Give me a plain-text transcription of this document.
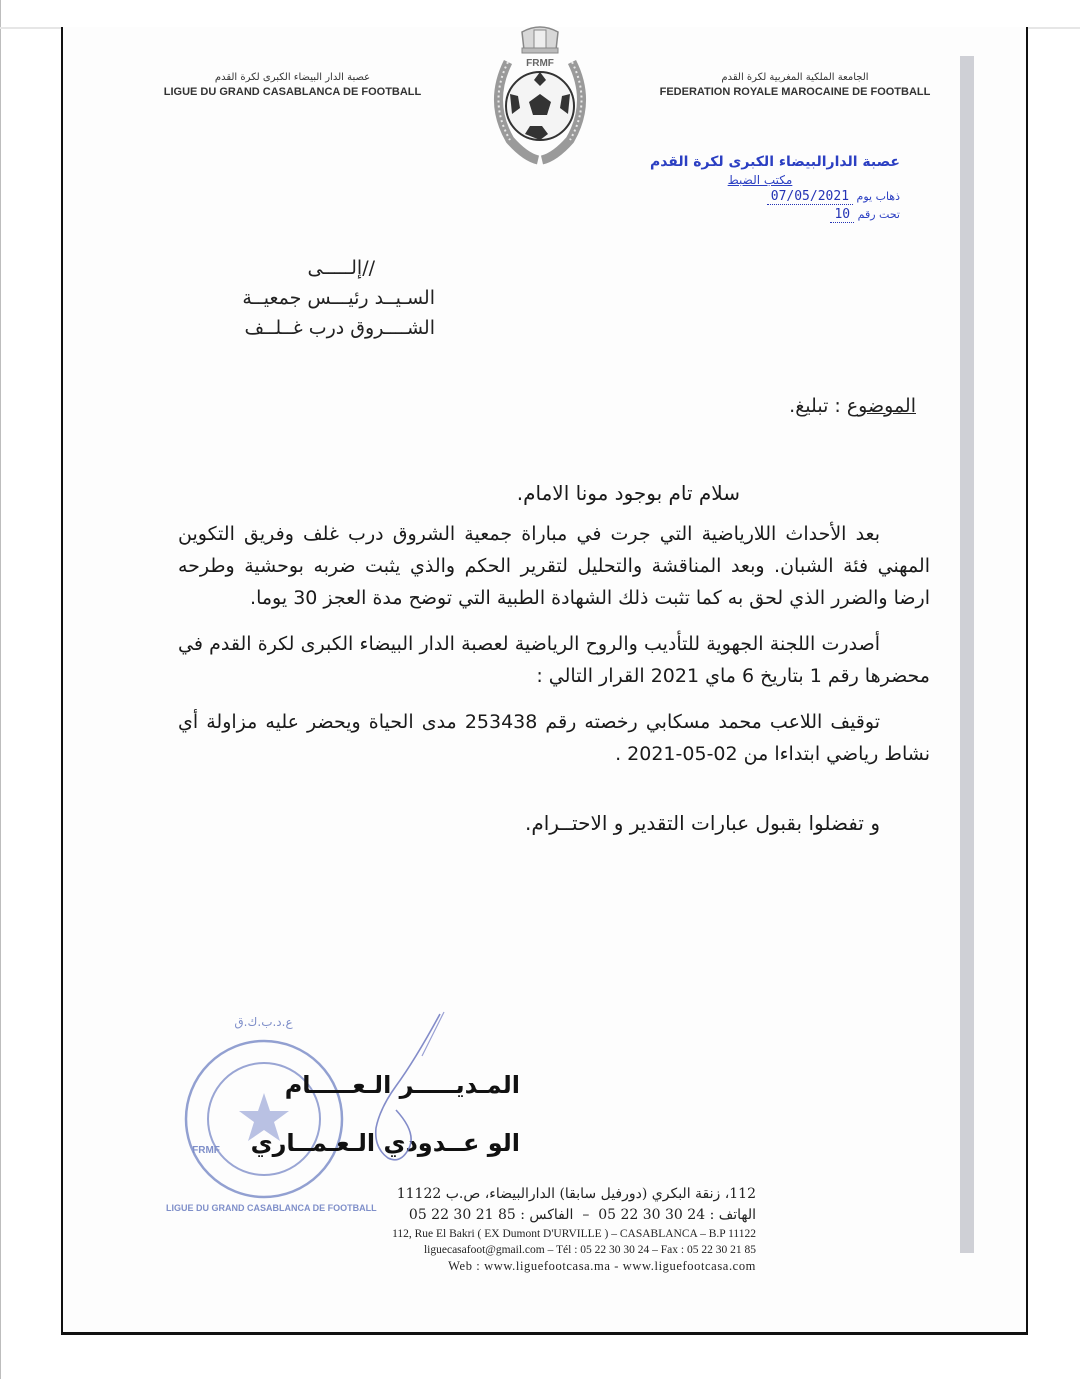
عصبة الدار البيضاء الكبرى لكرة القدم
LIGUE DU GRAND CASABLANCA DE FOOTBALL
FRMF
الجامعة الملكية المغربية لكرة القدم
FEDERATION ROYALE MAROCAINE DE FOOTBALL
عصبة الدارالبيضاء الكبرى لكرة القدم
مكتب الضبط
ذهاب يوم 07/05/2021
تحت رقم 10
//إلـــــى
السـيــد رئيـــس جمعيــة
الشــــروق درب غــلــف
الموضوع : تبليغ.
سلام تام بوجود مونا الامام.
بعد الأحداث اللارياضية التي جرت في مباراة جمعية الشروق درب غلف وفريق التكوين المهني فئة الشبان. وبعد المناقشة والتحليل لتقرير الحكم والذي يثبت ضربه بوحشية وطرحه ارضا والضرر الذي لحق به كما تثبت ذلك الشهادة الطبية التي توضح مدة العجز 30 يوما.
أصدرت اللجنة الجهوية للتأديب والروح الرياضية لعصبة الدار البيضاء الكبرى لكرة القدم في محضرها رقم 1 بتاريخ 6 ماي 2021 القرار التالي :
توقيف اللاعب محمد مسكابي رخصته رقم 253438 مدى الحياة ويحضر عليه مزاولة أي نشاط رياضي ابتداءا من 02-05-2021 .
و تفضلوا بقبول عبارات التقدير و الاحتــرام.
ع.د.ب.ك.ق
LIGUE DU GRAND CASABLANCA DE FOOTBALL
FRMF
المـديـــــر الـعـــــام
الو عــدودي الـعـمــاري
112، زنقة البكري (دورفيل سابقا) الدارالبيضاء، ص.ب 11122
الهاتف : 05 22 30 30 24  –  الفاكس : 05 22 30 21 85
112, Rue El Bakri ( EX Dumont D'URVILLE ) – CASABLANCA – B.P 11122
liguecasafoot@gmail.com – Tél : 05 22 30 30 24 – Fax : 05 22 30 21 85
Web : www.liguefootcasa.ma - www.liguefootcasa.com
